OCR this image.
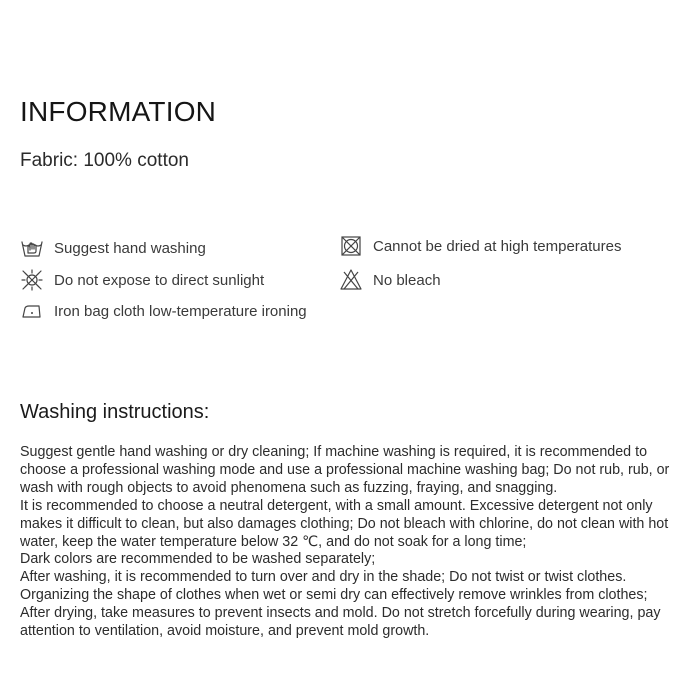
INFORMATION
Fabric: 100% cotton
Suggest hand washing
Do not expose to direct sunlight
Iron bag cloth low-temperature ironing
Cannot be dried at high temperatures
No bleach
Washing instructions:

Suggest gentle hand washing or dry cleaning; If machine washing is required, it is recommended to choose a professional washing mode and use a professional machine washing bag; Do not rub, rub, or wash with rough objects to avoid phenomena such as fuzzing, fraying, and snagging.

It is recommended to choose a neutral detergent, with a small amount. Excessive detergent not only makes it difficult to clean, but also damages clothing; Do not bleach with chlorine, do not clean with hot water, keep the water temperature below 32 ℃, and do not soak for a long time;

Dark colors are recommended to be washed separately;

After washing, it is recommended to turn over and dry in the shade; Do not twist or twist clothes. Organizing the shape of clothes when wet or semi dry can effectively remove wrinkles from clothes;

After drying, take measures to prevent insects and mold. Do not stretch forcefully during wearing, pay attention to ventilation, avoid moisture, and prevent mold growth.
